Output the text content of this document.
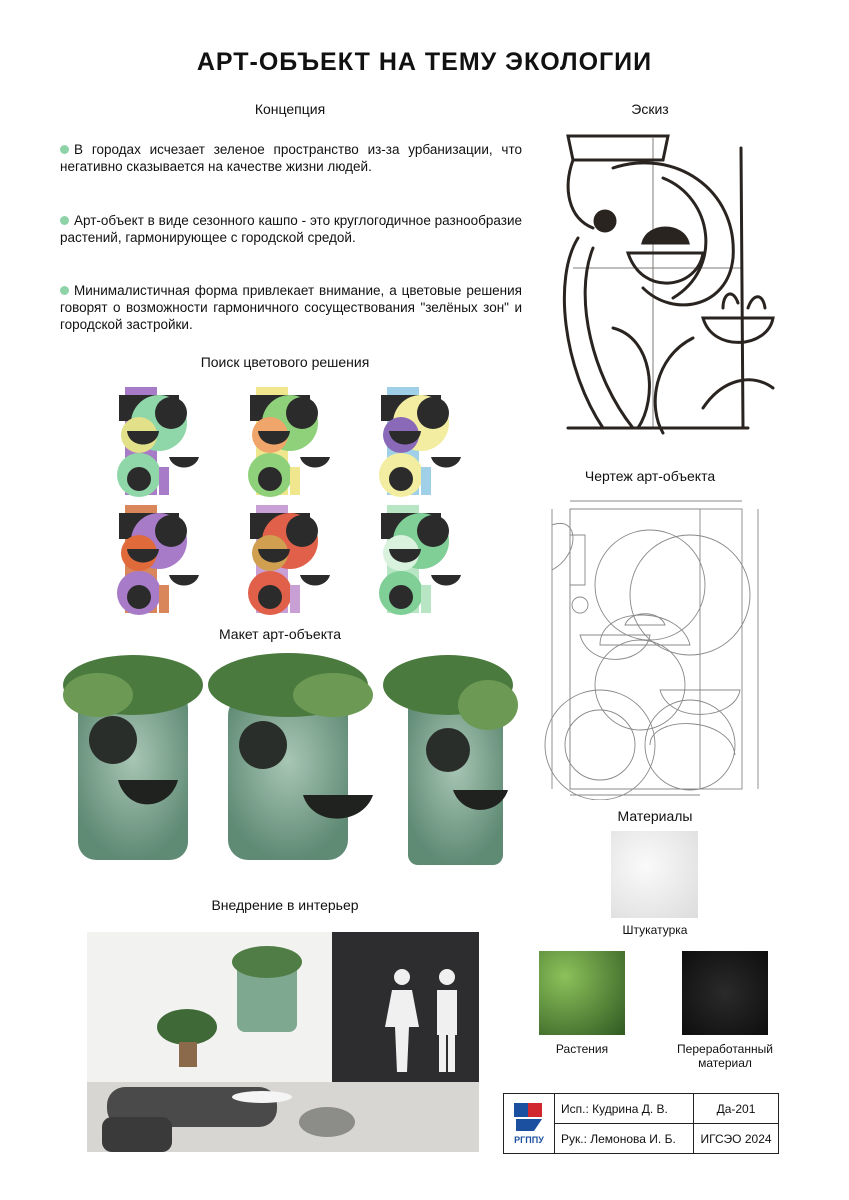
АРТ-ОБЪЕКТ НА ТЕМУ ЭКОЛОГИИ
Концепция
В городах исчезает зеленое пространство из-за урбанизации, что негативно сказывается на качестве жизни людей.
Арт-объект в виде сезонного кашпо - это круглогодичное разнообразие растений, гармонирующее с городской средой.
Минималистичная форма привлекает внимание, а цветовые решения говорят о возможности гармоничного сосуществования "зелёных зон" и городской застройки.
Эскиз
Поиск цветового решения
Чертеж арт-объекта
Макет арт-объекта
Внедрение в интерьер
Материалы
Штукатурка
Растения	Переработанный материал
РГППУ	Исп.: Кудрина Д. В.	Да-201
	Рук.: Лемонова И. Б.	ИГСЭО 2024
